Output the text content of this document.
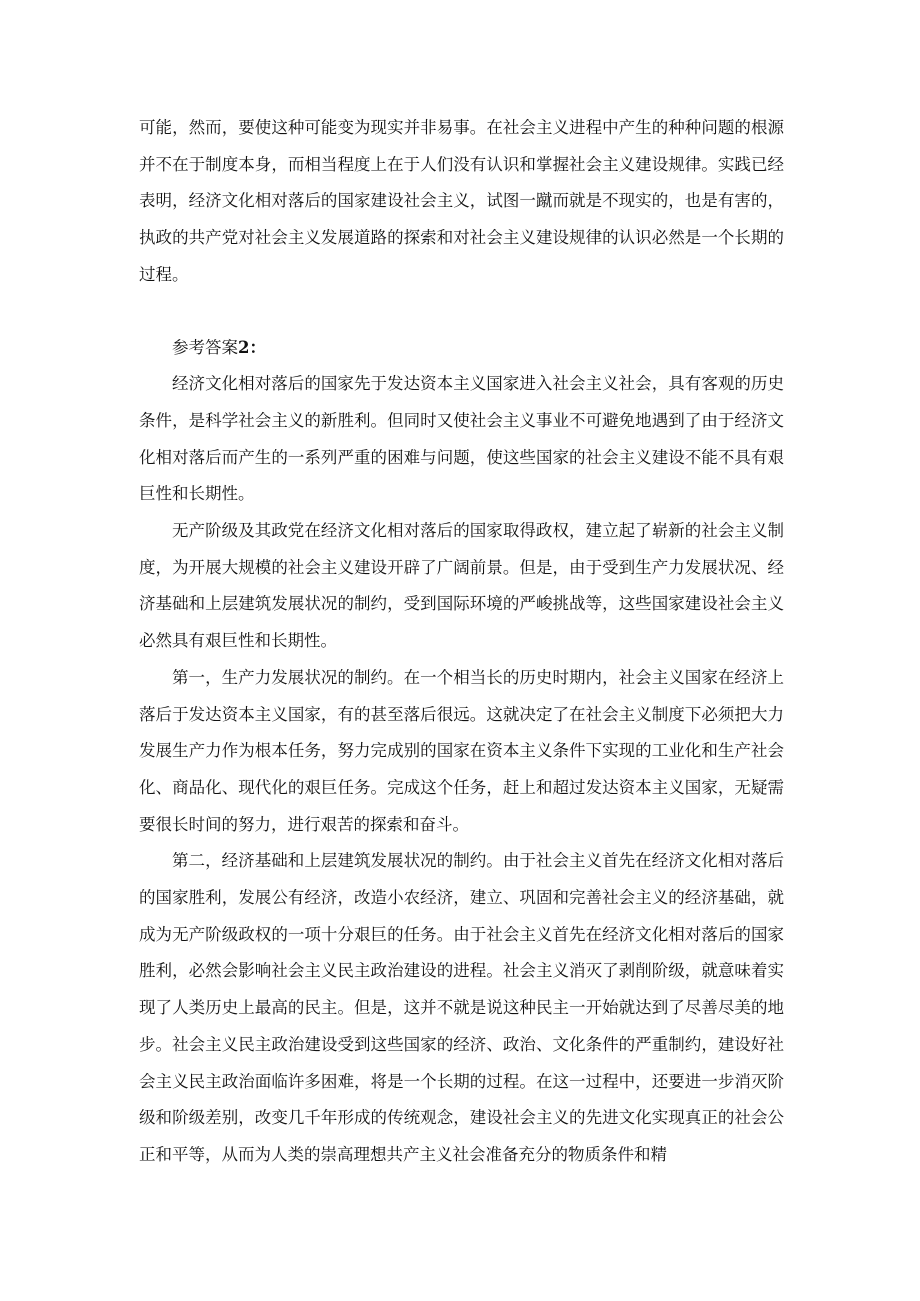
可能，然而，要使这种可能变为现实并非易事。在社会主义进程中产生的种种问题的根源并不在于制度本身，而相当程度上在于人们没有认识和掌握社会主义建设规律。实践已经表明，经济文化相对落后的国家建设社会主义，试图一蹴而就是不现实的，也是有害的，执政的共产党对社会主义发展道路的探索和对社会主义建设规律的认识必然是一个长期的过程。

参考答案2：

经济文化相对落后的国家先于发达资本主义国家进入社会主义社会，具有客观的历史条件，是科学社会主义的新胜利。但同时又使社会主义事业不可避免地遇到了由于经济文化相对落后而产生的一系列严重的困难与问题，使这些国家的社会主义建设不能不具有艰巨性和长期性。

无产阶级及其政党在经济文化相对落后的国家取得政权，建立起了崭新的社会主义制度，为开展大规模的社会主义建设开辟了广阔前景。但是，由于受到生产力发展状况、经济基础和上层建筑发展状况的制约，受到国际环境的严峻挑战等，这些国家建设社会主义必然具有艰巨性和长期性。

第一，生产力发展状况的制约。在一个相当长的历史时期内，社会主义国家在经济上落后于发达资本主义国家，有的甚至落后很远。这就决定了在社会主义制度下必须把大力发展生产力作为根本任务，努力完成别的国家在资本主义条件下实现的工业化和生产社会化、商品化、现代化的艰巨任务。完成这个任务，赶上和超过发达资本主义国家，无疑需要很长时间的努力，进行艰苦的探索和奋斗。

第二，经济基础和上层建筑发展状况的制约。由于社会主义首先在经济文化相对落后的国家胜利，发展公有经济，改造小农经济，建立、巩固和完善社会主义的经济基础，就成为无产阶级政权的一项十分艰巨的任务。由于社会主义首先在经济文化相对落后的国家胜利，必然会影响社会主义民主政治建设的进程。社会主义消灭了剥削阶级，就意味着实现了人类历史上最高的民主。但是，这并不就是说这种民主一开始就达到了尽善尽美的地步。社会主义民主政治建设受到这些国家的经济、政治、文化条件的严重制约，建设好社会主义民主政治面临许多困难，将是一个长期的过程。在这一过程中，还要进一步消灭阶级和阶级差别，改变几千年形成的传统观念，建设社会主义的先进文化实现真正的社会公正和平等，从而为人类的崇高理想共产主义社会准备充分的物质条件和精
